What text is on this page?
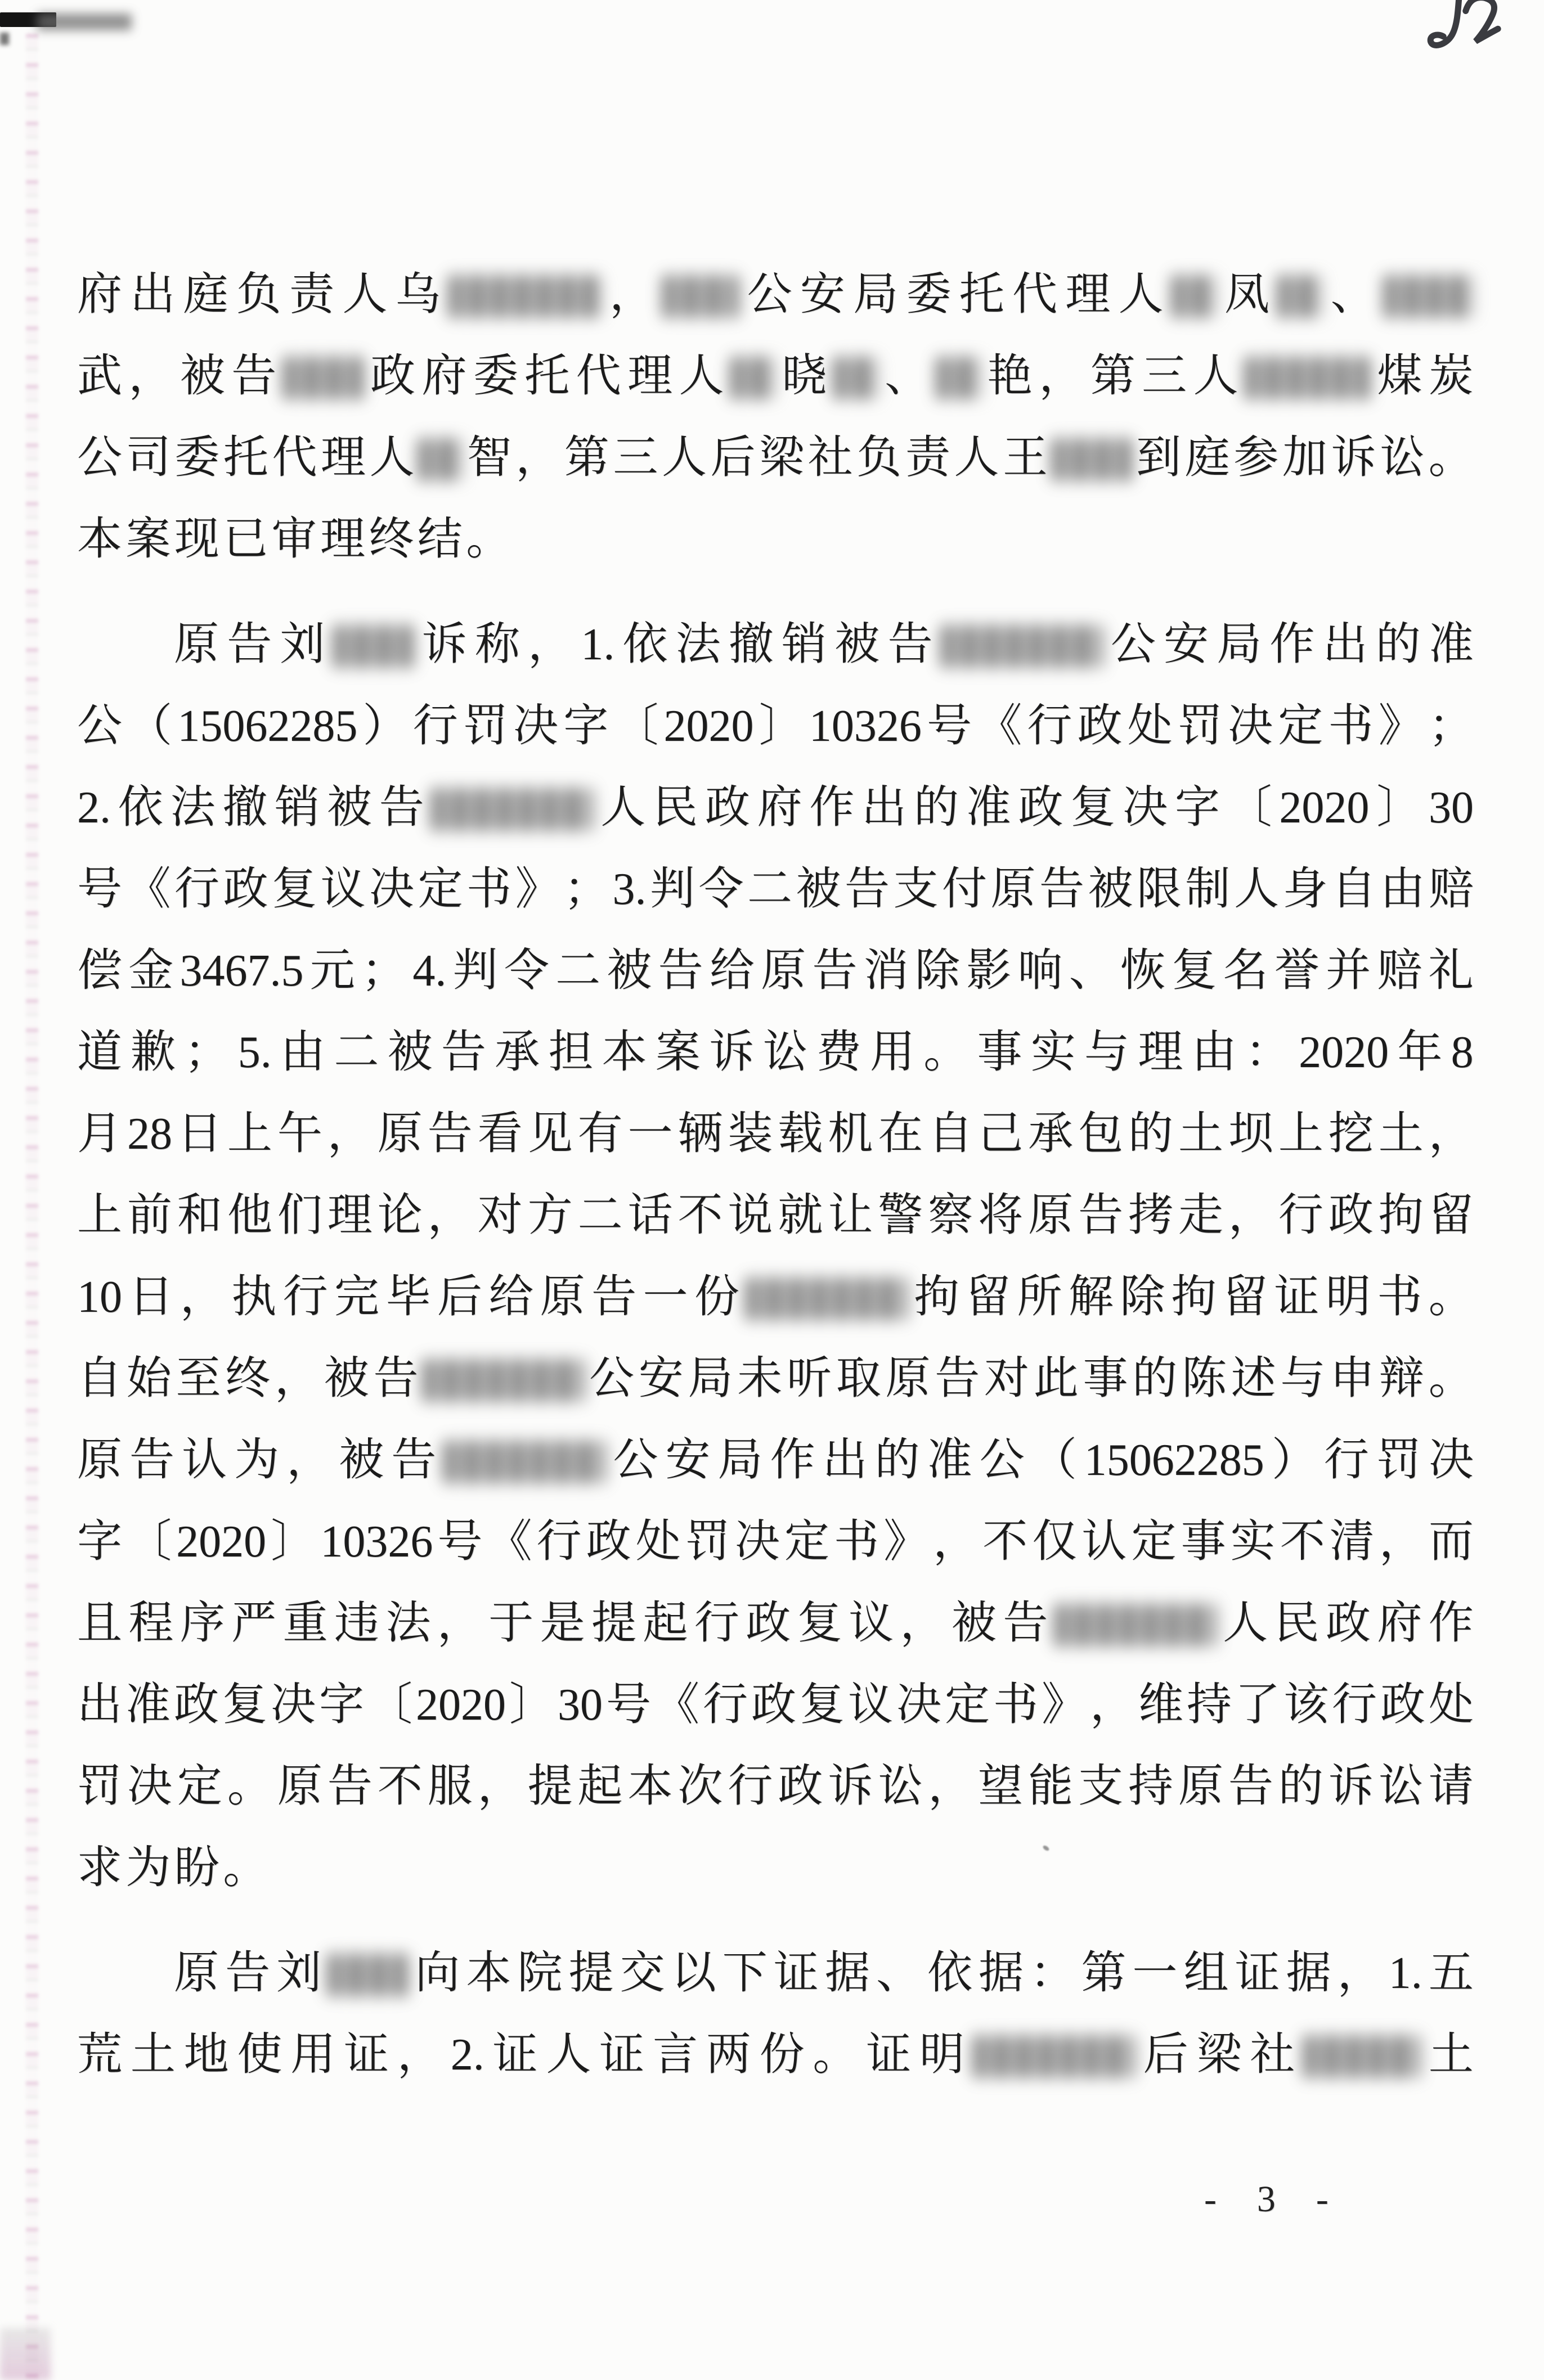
府 出 庭 负 责 人 乌	， 公 安 局 委 托 代 理 人 凤 、
武 ， 被 告 政 府 委 托 代 理 人 晓 、 艳 ， 第 三 人	煤 炭
公 司 委 托 代 理 人 智 ， 第 三 人 后 梁 社 负 责 人 王 到 庭 参 加 诉 讼 。
本案现已审理终结。
原 告 刘 诉 称 ， 1. 依 法 撤 销 被 告	公 安 局 作 出 的 准
公 （ 15062285 ） 行 罚 决 字 〔 2020 〕 10326 号 《 行 政 处 罚 决 定 书 》 ；
2. 依 法 撤 销 被 告	人 民 政 府 作 出 的 准 政 复 决 字 〔 2020 〕 30
号 《 行 政 复 议 决 定 书 》 ； 3. 判 令 二 被 告 支 付 原 告 被 限 制 人 身 自 由 赔
偿 金 3467.5 元 ； 4. 判 令 二 被 告 给 原 告 消 除 影 响 、 恢 复 名 誉 并 赔 礼
道 歉 ； 5. 由 二 被 告 承 担 本 案 诉 讼 费 用 。 事 实 与 理 由 ： 2020 年 8
月 28 日 上 午 ， 原 告 看 见 有 一 辆 装 载 机 在 自 己 承 包 的 土 坝 上 挖 土 ，
上 前 和 他 们 理 论 ， 对 方 二 话 不 说 就 让 警 察 将 原 告 拷 走 ， 行 政 拘 留
10 日 ， 执 行 完 毕 后 给 原 告 一 份	拘 留 所 解 除 拘 留 证 明 书 。
自 始 至 终 ， 被 告	公 安 局 未 听 取 原 告 对 此 事 的 陈 述 与 申 辩 。
原 告 认 为 ， 被 告	公 安 局 作 出 的 准 公 （ 15062285 ） 行 罚 决
字 〔 2020 〕 10326 号 《 行 政 处 罚 决 定 书 》 ， 不 仅 认 定 事 实 不 清 ， 而
且 程 序 严 重 违 法 ， 于 是 提 起 行 政 复 议 ， 被 告	人 民 政 府 作
出 准 政 复 决 字 〔 2020 〕 30 号 《 行 政 复 议 决 定 书 》 ， 维 持 了 该 行 政 处
罚 决 定 。 原 告 不 服 ， 提 起 本 次 行 政 诉 讼 ， 望 能 支 持 原 告 的 诉 讼 请
求为盼。
原 告 刘 向 本 院 提 交 以 下 证 据 、 依 据 ： 第 一 组 证 据 ， 1. 五
荒 土 地 使 用 证 ， 2. 证 人 证 言 两 份 。 证 明	后 梁 社	土
- 3 -
